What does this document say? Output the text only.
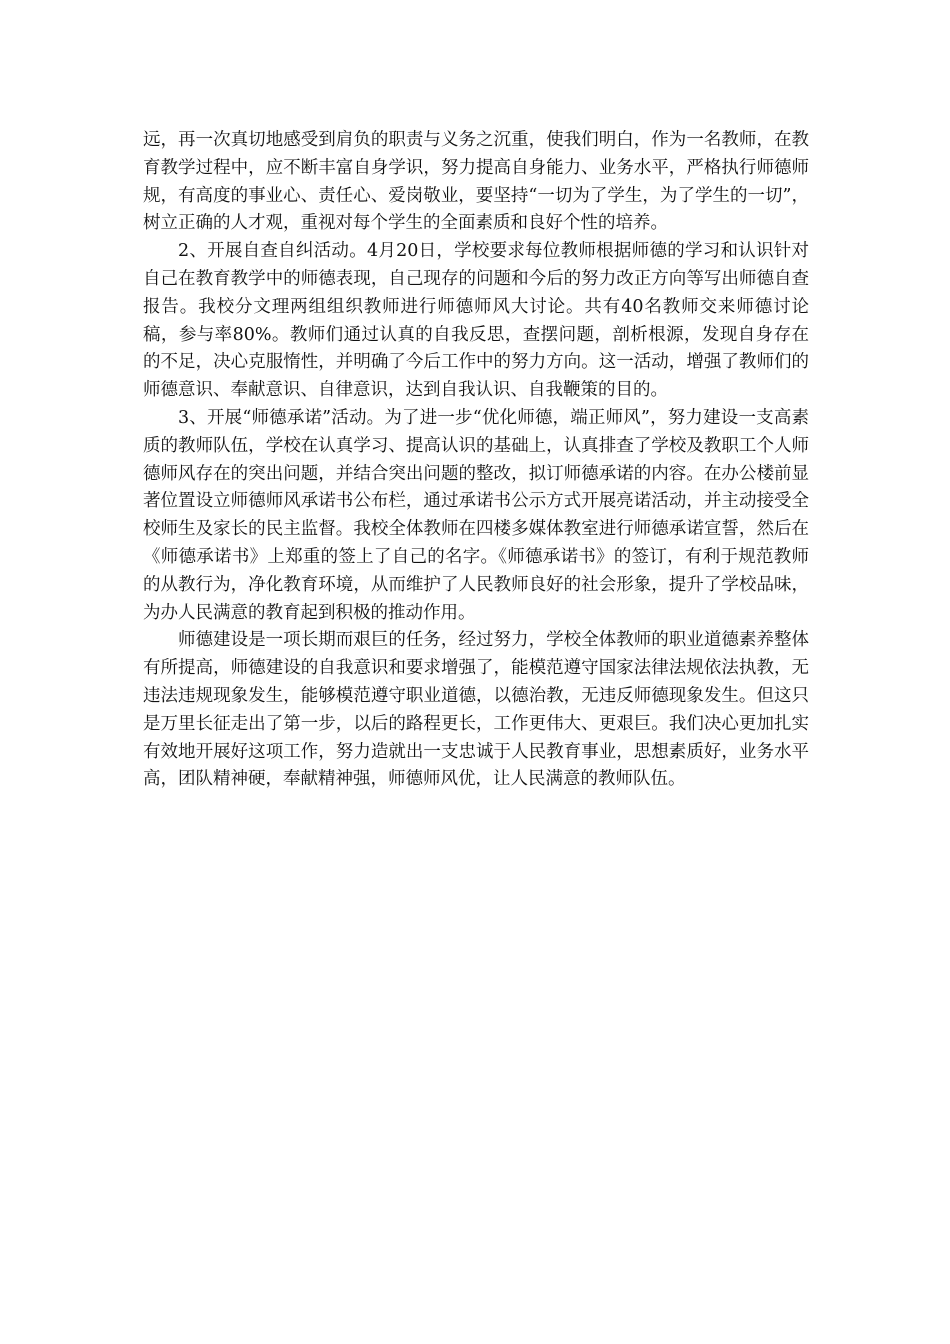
远，再一次真切地感受到肩负的职责与义务之沉重，使我们明白，作为一名教师，在教育教学过程中，应不断丰富自身学识，努力提高自身能力、业务水平，严格执行师德师规，有高度的事业心、责任心、爱岗敬业，要坚持“一切为了学生，为了学生的一切”，树立正确的人才观，重视对每个学生的全面素质和良好个性的培养。

2、开展自查自纠活动。4月20日，学校要求每位教师根据师德的学习和认识针对自己在教育教学中的师德表现，自己现存的问题和今后的努力改正方向等写出师德自查报告。我校分文理两组组织教师进行师德师风大讨论。共有40名教师交来师德讨论稿，参与率80%。教师们通过认真的自我反思，查摆问题，剖析根源，发现自身存在的不足，决心克服惰性，并明确了今后工作中的努力方向。这一活动，增强了教师们的师德意识、奉献意识、自律意识，达到自我认识、自我鞭策的目的。

3、开展“师德承诺”活动。为了进一步“优化师德，端正师风”，努力建设一支高素质的教师队伍，学校在认真学习、提高认识的基础上，认真排查了学校及教职工个人师德师风存在的突出问题，并结合突出问题的整改，拟订师德承诺的内容。在办公楼前显著位置设立师德师风承诺书公布栏，通过承诺书公示方式开展亮诺活动，并主动接受全校师生及家长的民主监督。我校全体教师在四楼多媒体教室进行师德承诺宣誓，然后在《师德承诺书》上郑重的签上了自己的名字。《师德承诺书》的签订，有利于规范教师的从教行为，净化教育环境，从而维护了人民教师良好的社会形象，提升了学校品味，为办人民满意的教育起到积极的推动作用。

师德建设是一项长期而艰巨的任务，经过努力，学校全体教师的职业道德素养整体有所提高，师德建设的自我意识和要求增强了，能模范遵守国家法律法规依法执教，无违法违规现象发生，能够模范遵守职业道德，以德治教，无违反师德现象发生。但这只是万里长征走出了第一步，以后的路程更长，工作更伟大、更艰巨。我们决心更加扎实有效地开展好这项工作，努力造就出一支忠诚于人民教育事业，思想素质好，业务水平高，团队精神硬，奉献精神强，师德师风优，让人民满意的教师队伍。
